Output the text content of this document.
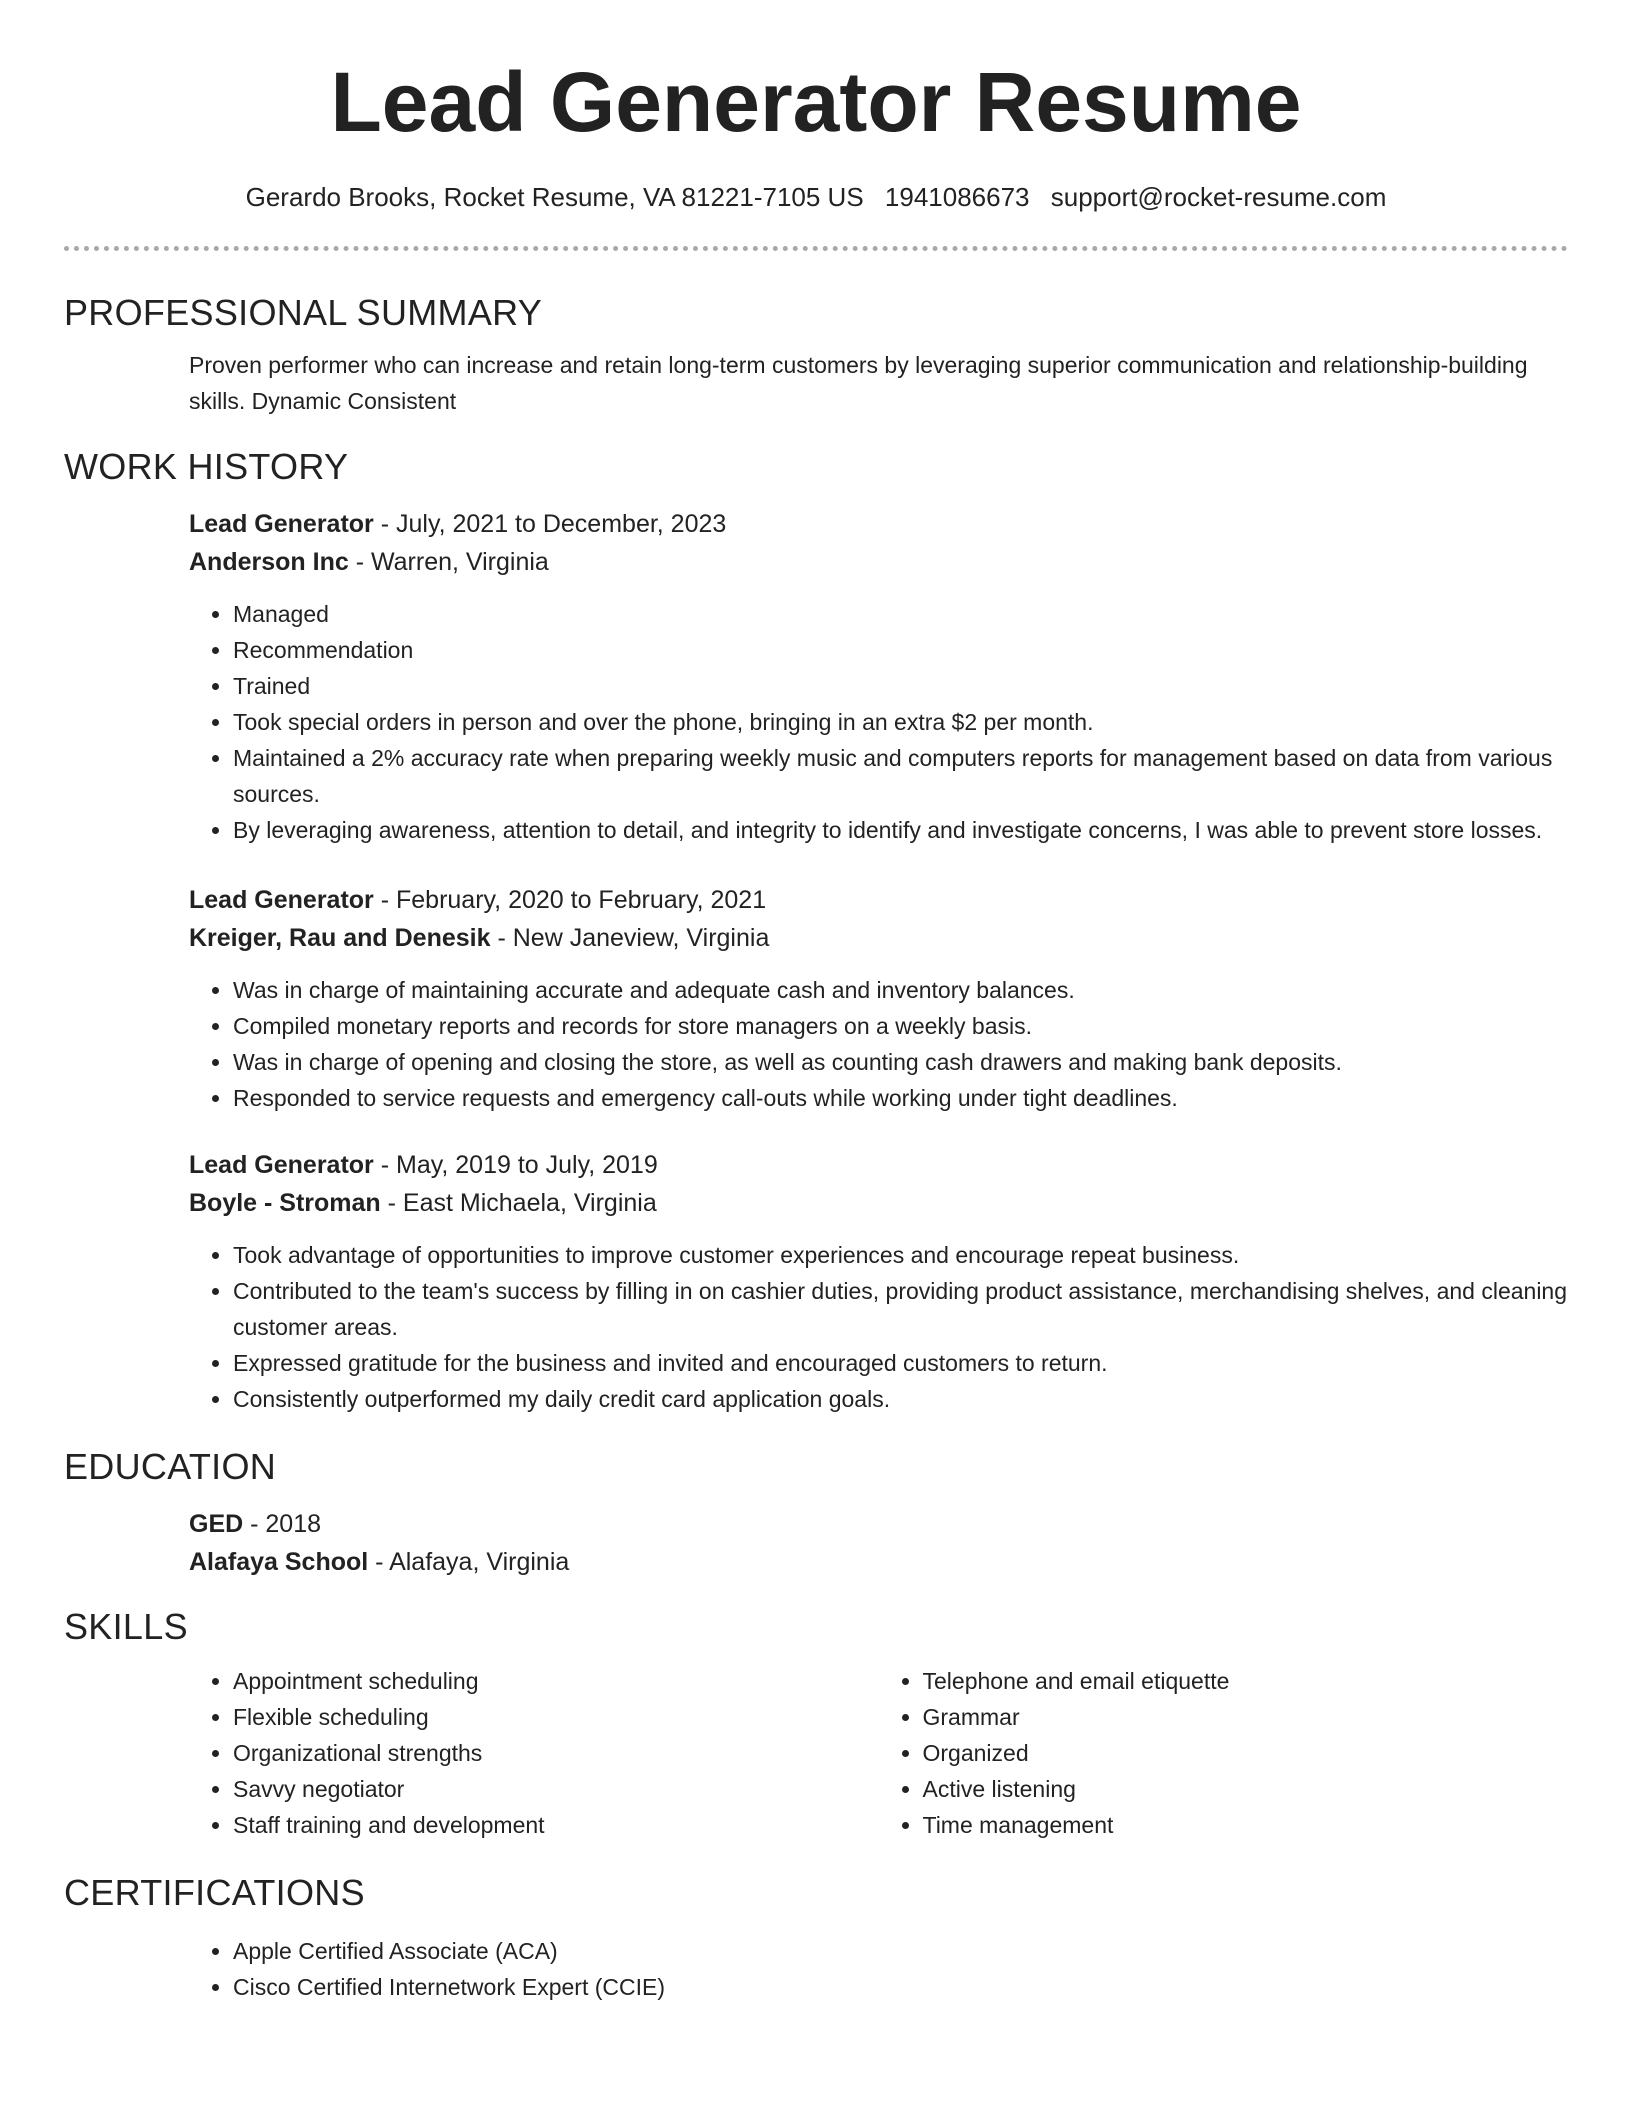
Lead Generator Resume
Gerardo Brooks, Rocket Resume, VA 81221-7105 US 1941086673 support@rocket-resume.com
PROFESSIONAL SUMMARY

Proven performer who can increase and retain long-term customers by leveraging superior communication and relationship-building skills. Dynamic Consistent

WORK HISTORY

Lead Generator - July, 2021 to December, 2023

Anderson Inc - Warren, Virginia

• Managed
• Recommendation
• Trained
• Took special orders in person and over the phone, bringing in an extra $2 per month.
• Maintained a 2% accuracy rate when preparing weekly music and computers reports for management based on data from various sources.
• By leveraging awareness, attention to detail, and integrity to identify and investigate concerns, I was able to prevent store losses.

Lead Generator - February, 2020 to February, 2021

Kreiger, Rau and Denesik - New Janeview, Virginia

• Was in charge of maintaining accurate and adequate cash and inventory balances.
• Compiled monetary reports and records for store managers on a weekly basis.
• Was in charge of opening and closing the store, as well as counting cash drawers and making bank deposits.
• Responded to service requests and emergency call-outs while working under tight deadlines.

Lead Generator - May, 2019 to July, 2019

Boyle - Stroman - East Michaela, Virginia

• Took advantage of opportunities to improve customer experiences and encourage repeat business.
• Contributed to the team's success by filling in on cashier duties, providing product assistance, merchandising shelves, and cleaning customer areas.
• Expressed gratitude for the business and invited and encouraged customers to return.
• Consistently outperformed my daily credit card application goals.
EDUCATION

GED - 2018

Alafaya School - Alafaya, Virginia

SKILLS
• Appointment scheduling
• Flexible scheduling
• Organizational strengths
• Savvy negotiator
• Staff training and development
• Telephone and email etiquette
• Grammar
• Organized
• Active listening
• Time management
CERTIFICATIONS
• Apple Certified Associate (ACA)
• Cisco Certified Internetwork Expert (CCIE)
